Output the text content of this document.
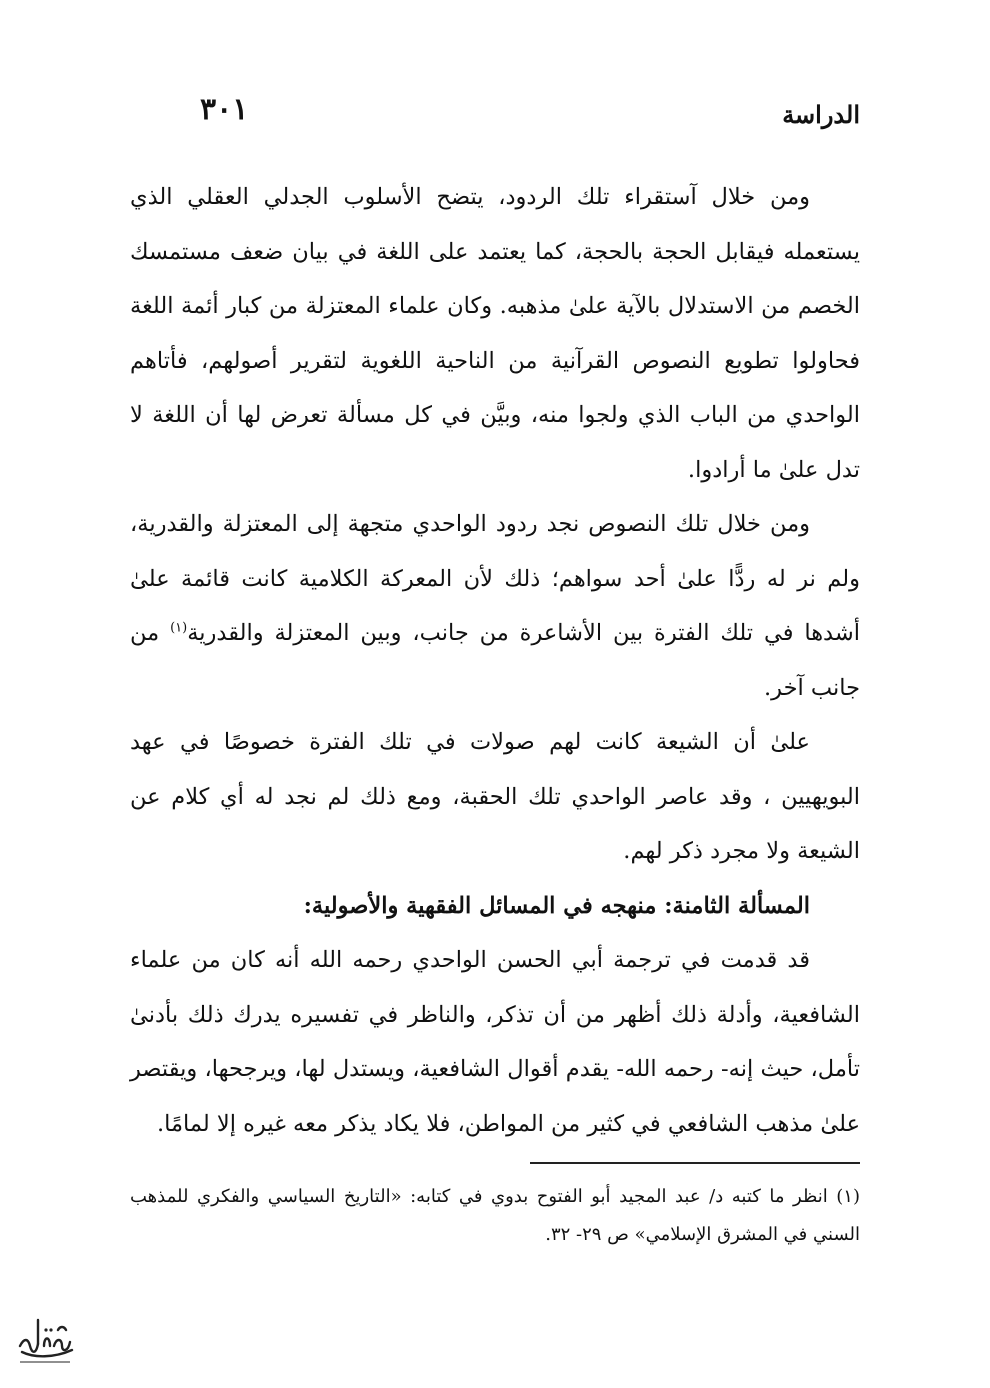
الدراسة
٣٠١

ومن خلال آستقراء تلك الردود، يتضح الأسلوب الجدلي العقلي الذي يستعمله فيقابل الحجة بالحجة، كما يعتمد على اللغة في بيان ضعف مستمسك الخصم من الاستدلال بالآية علىٰ مذهبه. وكان علماء المعتزلة من كبار أئمة اللغة فحاولوا تطويع النصوص القرآنية من الناحية اللغوية لتقرير أصولهم، فأتاهم الواحدي من الباب الذي ولجوا منه، وبيَّن في كل مسألة تعرض لها أن اللغة لا تدل علىٰ ما أرادوا.

ومن خلال تلك النصوص نجد ردود الواحدي متجهة إلى المعتزلة والقدرية، ولم نر له ردًّا علىٰ أحد سواهم؛ ذلك لأن المعركة الكلامية كانت قائمة علىٰ أشدها في تلك الفترة بين الأشاعرة من جانب، وبين المعتزلة والقدرية$^{(١)}$ من جانب آخر.

علىٰ أن الشيعة كانت لهم صولات في تلك الفترة خصوصًا في عهد البويهيين ، وقد عاصر الواحدي تلك الحقبة، ومع ذلك لم نجد له أي كلام عن الشيعة ولا مجرد ذكر لهم.

المسألة الثامنة: منهجه في المسائل الفقهية والأصولية:

قد قدمت في ترجمة أبي الحسن الواحدي رحمه الله أنه كان من علماء الشافعية، وأدلة ذلك أظهر من أن تذكر، والناظر في تفسيره يدرك ذلك بأدنىٰ تأمل، حيث إنه- رحمه الله- يقدم أقوال الشافعية، ويستدل لها، ويرجحها، ويقتصر علىٰ مذهب الشافعي في كثير من المواطن، فلا يكاد يذكر معه غيره إلا لمامًا.

(١) انظر ما كتبه د/ عبد المجيد أبو الفتوح بدوي في كتابه: «التاريخ السياسي والفكري للمذهب السني في المشرق الإسلامي» ص ٢٩- ٣٢.
